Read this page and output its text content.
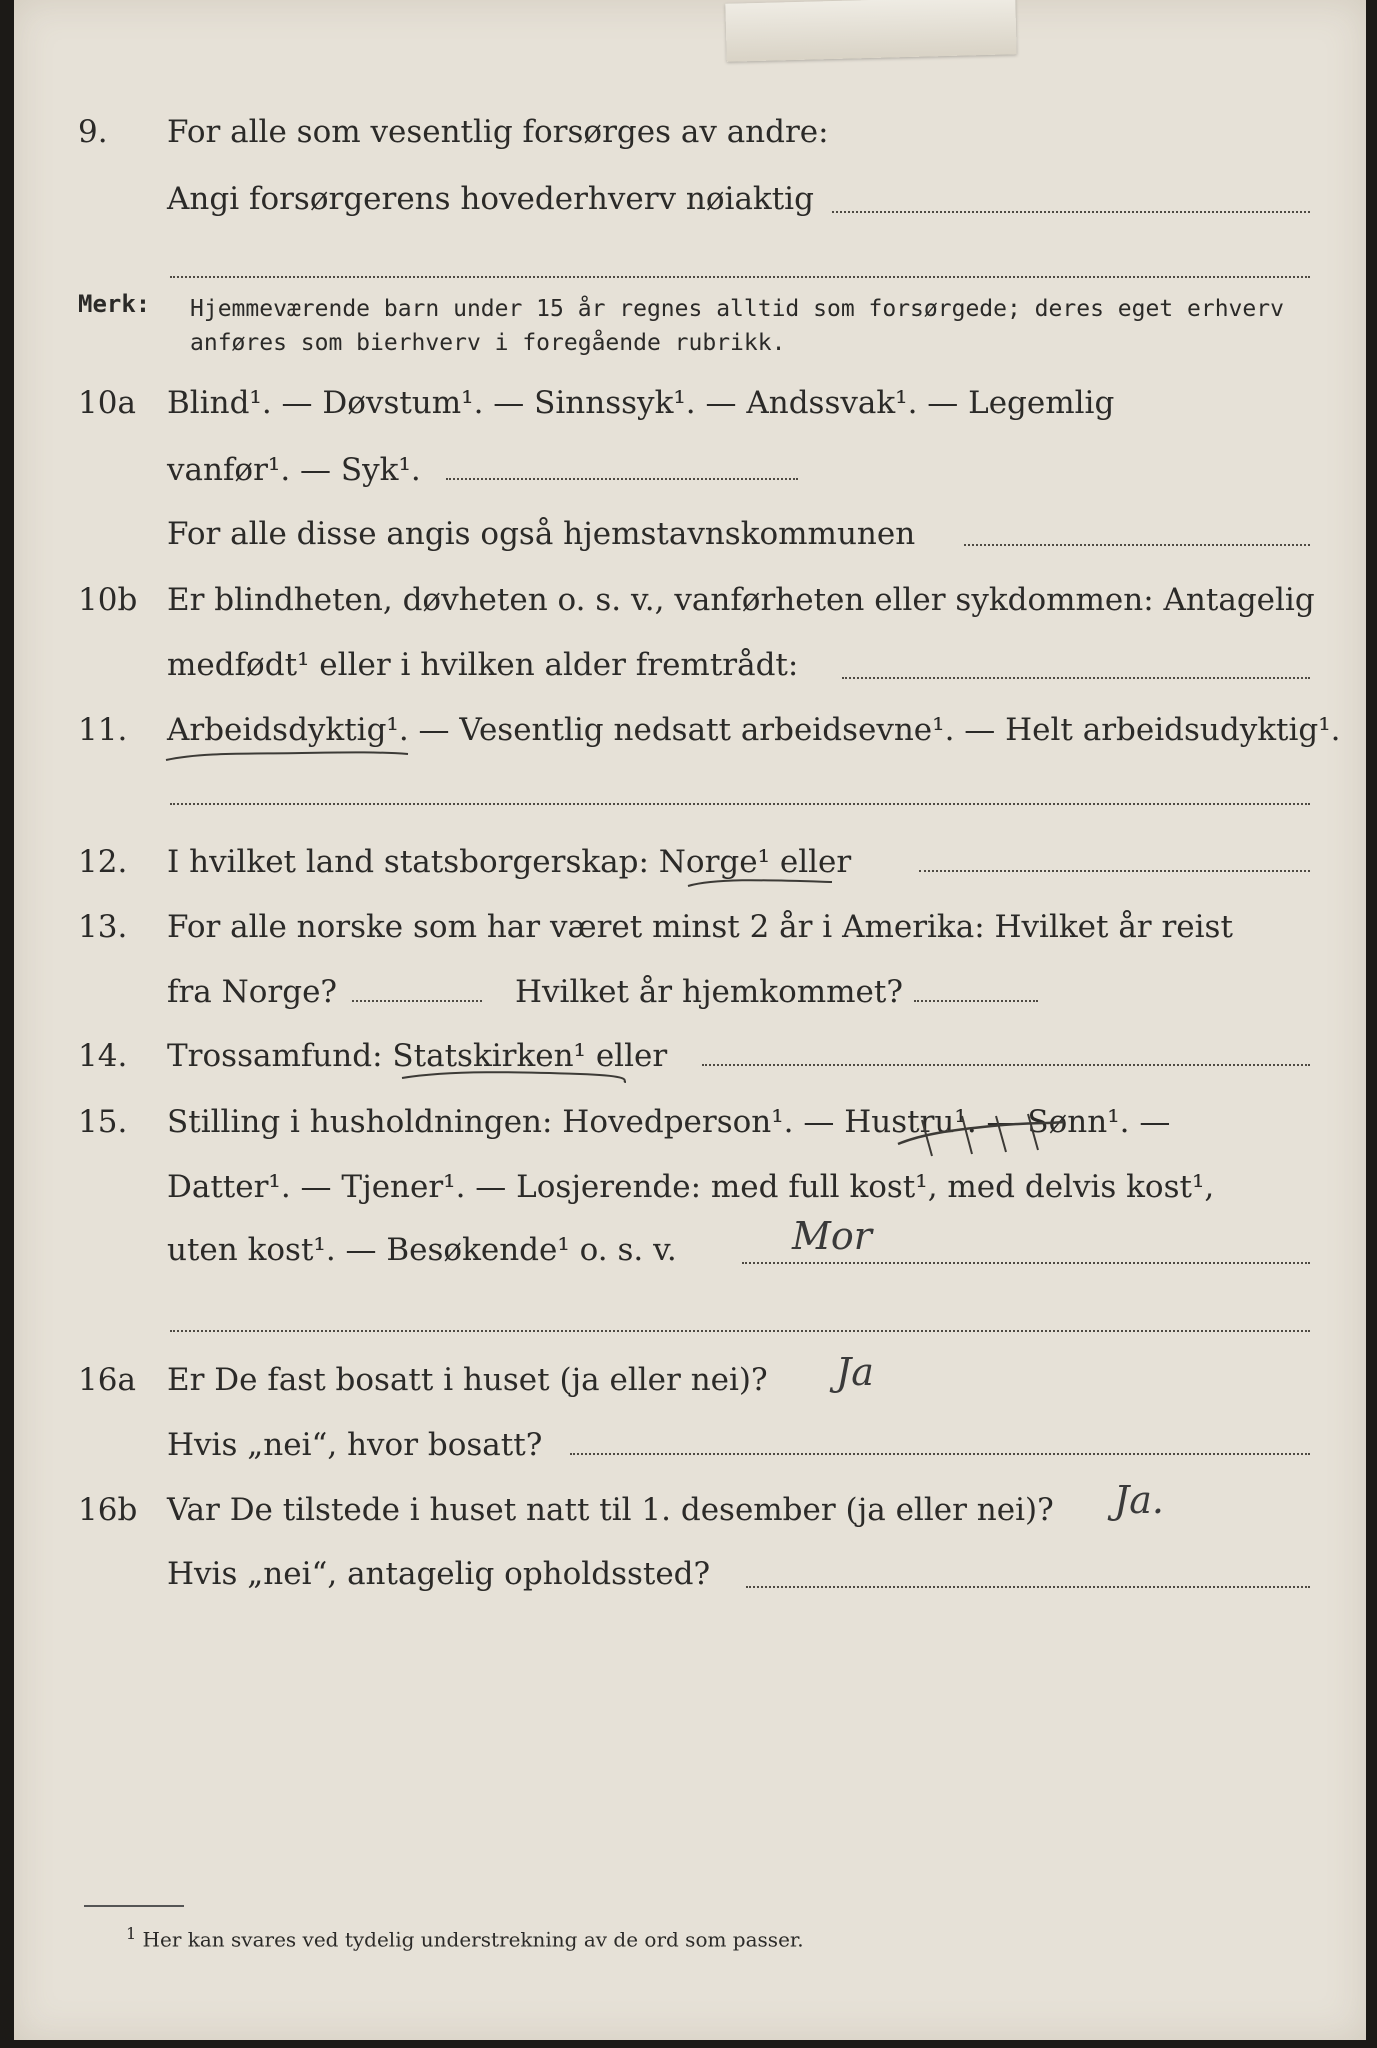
9. For alle som vesentlig forsørges av andre:
Angi forsørgerens hovederhverv nøiaktig
Merk: Hjemmeværende barn under 15 år regnes alltid som forsørgede; deres eget erhverv
anføres som bierhverv i foregående rubrikk.
10a Blind¹. — Døvstum¹. — Sinnssyk¹. — Andssvak¹. — Legemlig
vanfør¹. — Syk¹.
For alle disse angis også hjemstavnskommunen
10b Er blindheten, døvheten o. s. v., vanførheten eller sykdommen: Antagelig
medfødt¹ eller i hvilken alder fremtrådt:
11. Arbeidsdyktig¹. — Vesentlig nedsatt arbeidsevne¹. — Helt arbeidsudyktig¹.
12. I hvilket land statsborgerskap: Norge¹ eller
13. For alle norske som har været minst 2 år i Amerika: Hvilket år reist
fra Norge?	Hvilket år hjemkommet?
14. Trossamfund: Statskirken¹ eller
15. Stilling i husholdningen: Hovedperson¹. — Hustru¹. — Sønn¹. —
Datter¹. — Tjener¹. — Losjerende: med full kost¹, med delvis kost¹,
uten kost¹. — Besøkende¹ o. s. v.	Mor
16a Er De fast bosatt i huset (ja eller nei)? Ja
Hvis „nei“, hvor bosatt?
16b Var De tilstede i huset natt til 1. desember (ja eller nei)? Ja.
Hvis „nei“, antagelig opholdssted?
$^1$ Her kan svares ved tydelig understrekning av de ord som passer.
